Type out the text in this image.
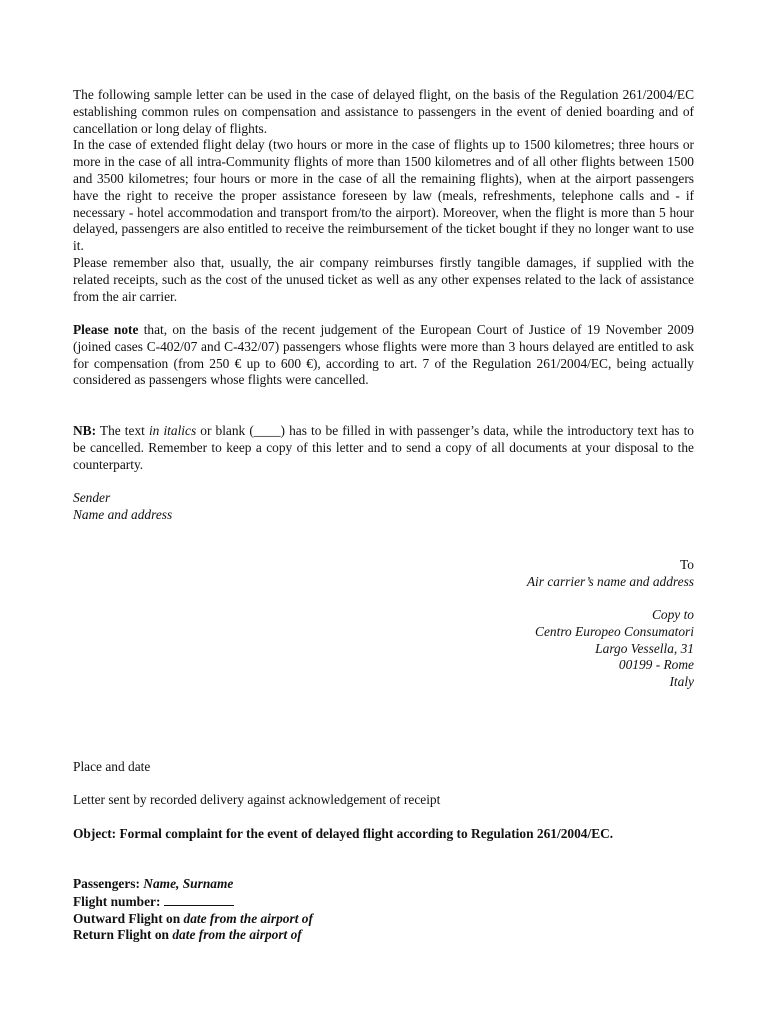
The following sample letter can be used in the case of delayed flight, on the basis of the Regulation 261/2004/EC establishing common rules on compensation and assistance to passengers in the event of denied boarding and of cancellation or long delay of flights.

In the case of extended flight delay (two hours or more in the case of flights up to 1500 kilometres; three hours or more in the case of all intra-Community flights of more than 1500 kilometres and of all other flights between 1500 and 3500 kilometres; four hours or more in the case of all the remaining flights), when at the airport passengers have the right to receive the proper assistance foreseen by law (meals, refreshments, telephone calls and - if necessary - hotel accommodation and transport from/to the airport). Moreover, when the flight is more than 5 hour delayed, passengers are also entitled to receive the reimbursement of the ticket bought if they no longer want to use it.

Please remember also that, usually, the air company reimburses firstly tangible damages, if supplied with the related receipts, such as the cost of the unused ticket as well as any other expenses related to the lack of assistance from the air carrier.

Please note that, on the basis of the recent judgement of the European Court of Justice of 19 November 2009 (joined cases C-402/07 and C-432/07) passengers whose flights were more than 3 hours delayed are entitled to ask for compensation (from 250 € up to 600 €), according to art. 7 of the Regulation 261/2004/EC, being actually considered as passengers whose flights were cancelled.

NB: The text in italics or blank (____) has to be filled in with passenger’s data, while the introductory text has to be cancelled. Remember to keep a copy of this letter and to send a copy of all documents at your disposal to the counterparty.

Sender

Name and address

To

Air carrier’s name and address

Copy to

Centro Europeo Consumatori

Largo Vessella, 31

00199 - Rome

Italy

Place and date

Letter sent by recorded delivery against acknowledgement of receipt

Object: Formal complaint for the event of delayed flight according to Regulation 261/2004/EC.

Passengers: Name, Surname

Flight number:

Outward Flight on date from the airport of

Return Flight on date from the airport of
